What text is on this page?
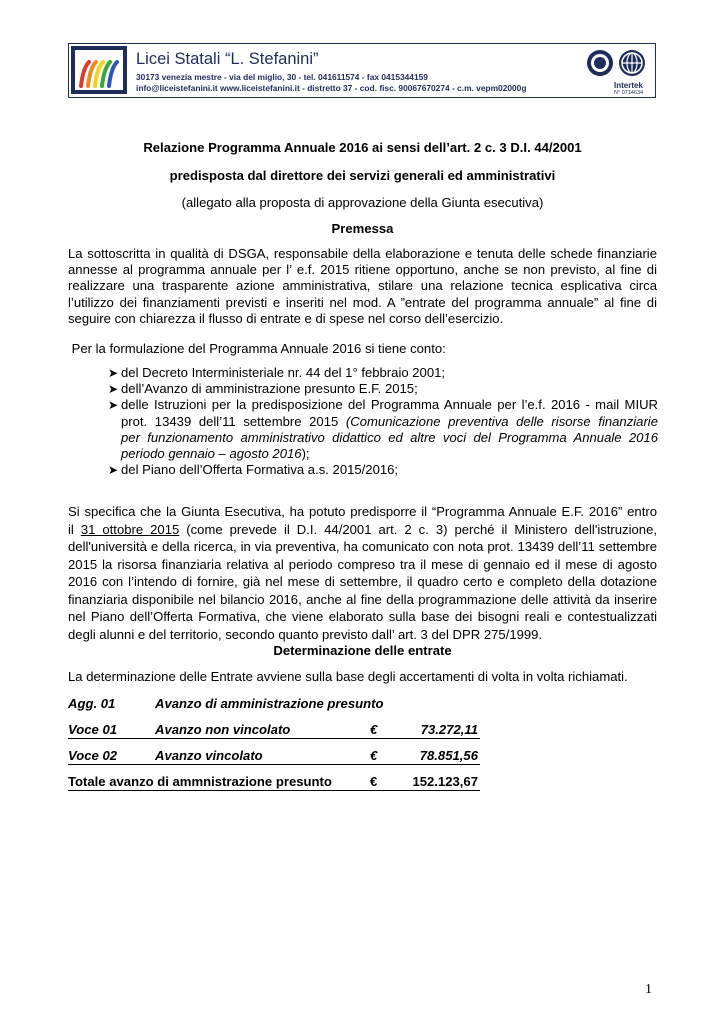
Licei Statali “L. Stefanini”
30173 venezia mestre - via del miglio, 30 - tel. 041611574 - fax 0415344159
info@liceistefanini.it www.liceistefanini.it - distretto 37 - cod. fisc. 90067670274 - c.m. vepm02000g	Intertek
N° 0714634
Relazione Programma Annuale 2016 ai sensi dell’art. 2 c. 3 D.I. 44/2001
predisposta dal direttore dei servizi generali ed amministrativi
(allegato alla proposta di approvazione della Giunta esecutiva)
Premessa
La sottoscritta in qualità di DSGA, responsabile della elaborazione e tenuta delle schede finanziarie
annesse al programma annuale per l’ e.f. 2015 ritiene opportuno, anche se non previsto, al fine di
realizzare una trasparente azione amministrativa, stilare una relazione tecnica esplicativa circa
l’utilizzo dei finanziamenti previsti e inseriti nel mod. A ”entrate del programma annuale” al fine di
seguire con chiarezza il flusso di entrate e di spese nel corso dell’esercizio.
Per la formulazione del Programma Annuale 2016 si tiene conto:
➤ del Decreto Interministeriale nr. 44 del 1° febbraio 2001;
➤ dell’Avanzo di amministrazione presunto E.F. 2015;
➤ delle Istruzioni per la predisposizione del Programma Annuale per l’e.f. 2016 - mail MIUR
prot. 13439 dell’11 settembre 2015 (Comunicazione preventiva delle risorse finanziarie
per funzionamento amministrativo didattico ed altre voci del Programma Annuale 2016
periodo gennaio – agosto 2016);
➤ del Piano dell’Offerta Formativa a.s. 2015/2016;
Si specifica che la Giunta Esecutiva, ha potuto predisporre il “Programma Annuale E.F. 2016” entro
il 31 ottobre 2015 (come prevede il D.I. 44/2001 art. 2 c. 3) perché il Ministero dell'istruzione,
dell'università e della ricerca, in via preventiva, ha comunicato con nota prot. 13439 dell’11 settembre
2015 la risorsa finanziaria relativa al periodo compreso tra il mese di gennaio ed il mese di agosto
2016 con l’intendo di fornire, già nel mese di settembre, il quadro certo e completo della dotazione
finanziaria disponibile nel bilancio 2016, anche al fine della programmazione delle attività da inserire
nel Piano dell’Offerta Formativa, che viene elaborato sulla base dei bisogni reali e contestualizzati
degli alunni e del territorio, secondo quanto previsto dall’ art. 3 del DPR 275/1999.
Determinazione delle entrate
La determinazione delle Entrate avviene sulla base degli accertamenti di volta in volta richiamati.
Agg. 01	Avanzo di amministrazione presunto
Voce 01	Avanzo non vincolato	€	73.272,11
Voce 02	Avanzo vincolato	€	78.851,56
Totale avanzo di ammnistrazione presunto	€	152.123,67
1
